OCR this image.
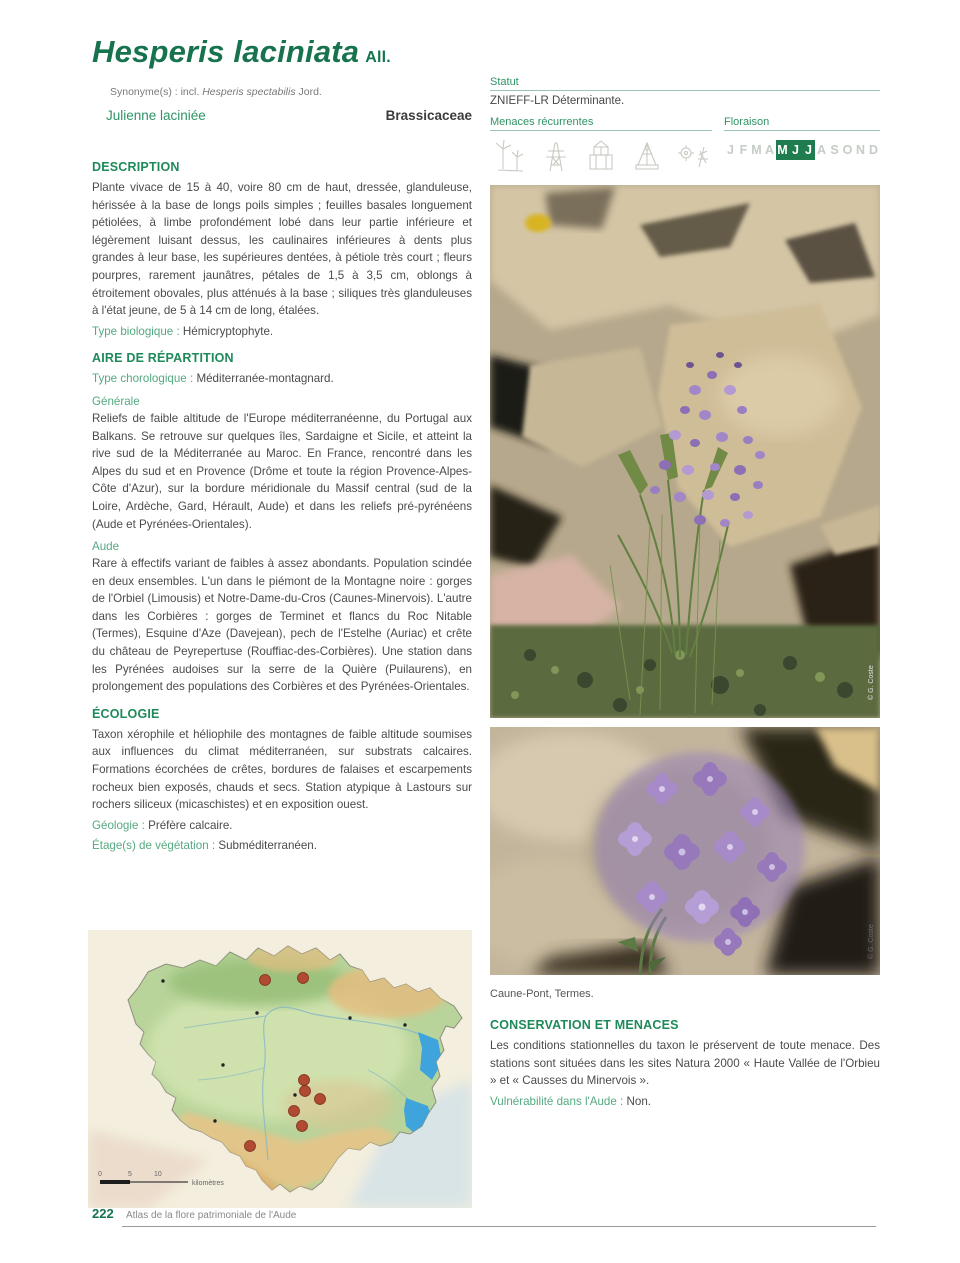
Hesperis laciniata All.
Synonyme(s) : incl. Hesperis spectabilis Jord.
Julienne laciniée	Brassicaceae
Statut
ZNIEFF-LR Déterminante.
Menaces récurrentes	Floraison
J F M A M J J A S O N D
DESCRIPTION

Plante vivace de 15 à 40, voire 80 cm de haut, dressée, glanduleuse, hérissée à la base de longs poils simples ; feuilles basales longuement pétiolées, à limbe profondément lobé dans leur partie inférieure et légèrement luisant dessus, les caulinaires inférieures à dents plus grandes à leur base, les supérieures dentées, à pétiole très court ; fleurs pourpres, rarement jaunâtres, pétales de 1,5 à 3,5 cm, oblongs à étroitement obovales, plus atténués à la base ; siliques très glanduleuses à l'état jeune, de 5 à 14 cm de long, étalées.

Type biologique : Hémicryptophyte.

AIRE DE RÉPARTITION

Type chorologique : Méditerranée-montagnard.

Générale

Reliefs de faible altitude de l'Europe méditerranéenne, du Portugal aux Balkans. Se retrouve sur quelques îles, Sardaigne et Sicile, et atteint la rive sud de la Méditerranée au Maroc. En France, rencontré dans les Alpes du sud et en Provence (Drôme et toute la région Provence-Alpes-Côte d'Azur), sur la bordure méridionale du Massif central (sud de la Loire, Ardèche, Gard, Hérault, Aude) et dans les reliefs pré-pyrénéens (Aude et Pyrénées-Orientales).

Aude

Rare à effectifs variant de faibles à assez abondants. Population scindée en deux ensembles. L'un dans le piémont de la Montagne noire : gorges de l'Orbiel (Limousis) et Notre-Dame-du-Cros (Caunes-Minervois). L'autre dans les Corbières : gorges de Terminet et flancs du Roc Nitable (Termes), Esquine d'Aze (Davejean), pech de l'Estelhe (Auriac) et crête du château de Peyrepertuse (Rouffiac-des-Corbières). Une station dans les Pyrénées audoises sur la serre de la Quière (Puilaurens), en prolongement des populations des Corbières et des Pyrénées-Orientales.

ÉCOLOGIE

Taxon xérophile et héliophile des montagnes de faible altitude soumises aux influences du climat méditerranéen, sur substrats calcaires. Formations écorchées de crêtes, bordures de falaises et escarpements rocheux bien exposés, chauds et secs. Station atypique à Lastours sur rochers siliceux (micaschistes) et en exposition ouest.

Géologie : Préfère calcaire.

Étage(s) de végétation : Subméditerranéen.

© G. Coste
© G. Coste
Caune-Pont, Termes.
CONSERVATION ET MENACES

Les conditions stationnelles du taxon le préservent de toute menace. Des stations sont situées dans les sites Natura 2000 « Haute Vallée de l'Orbieu » et « Causses du Minervois ».

Vulnérabilité dans l'Aude : Non.

0	5	10
kilomètres
222 Atlas de la flore patrimoniale de l'Aude
